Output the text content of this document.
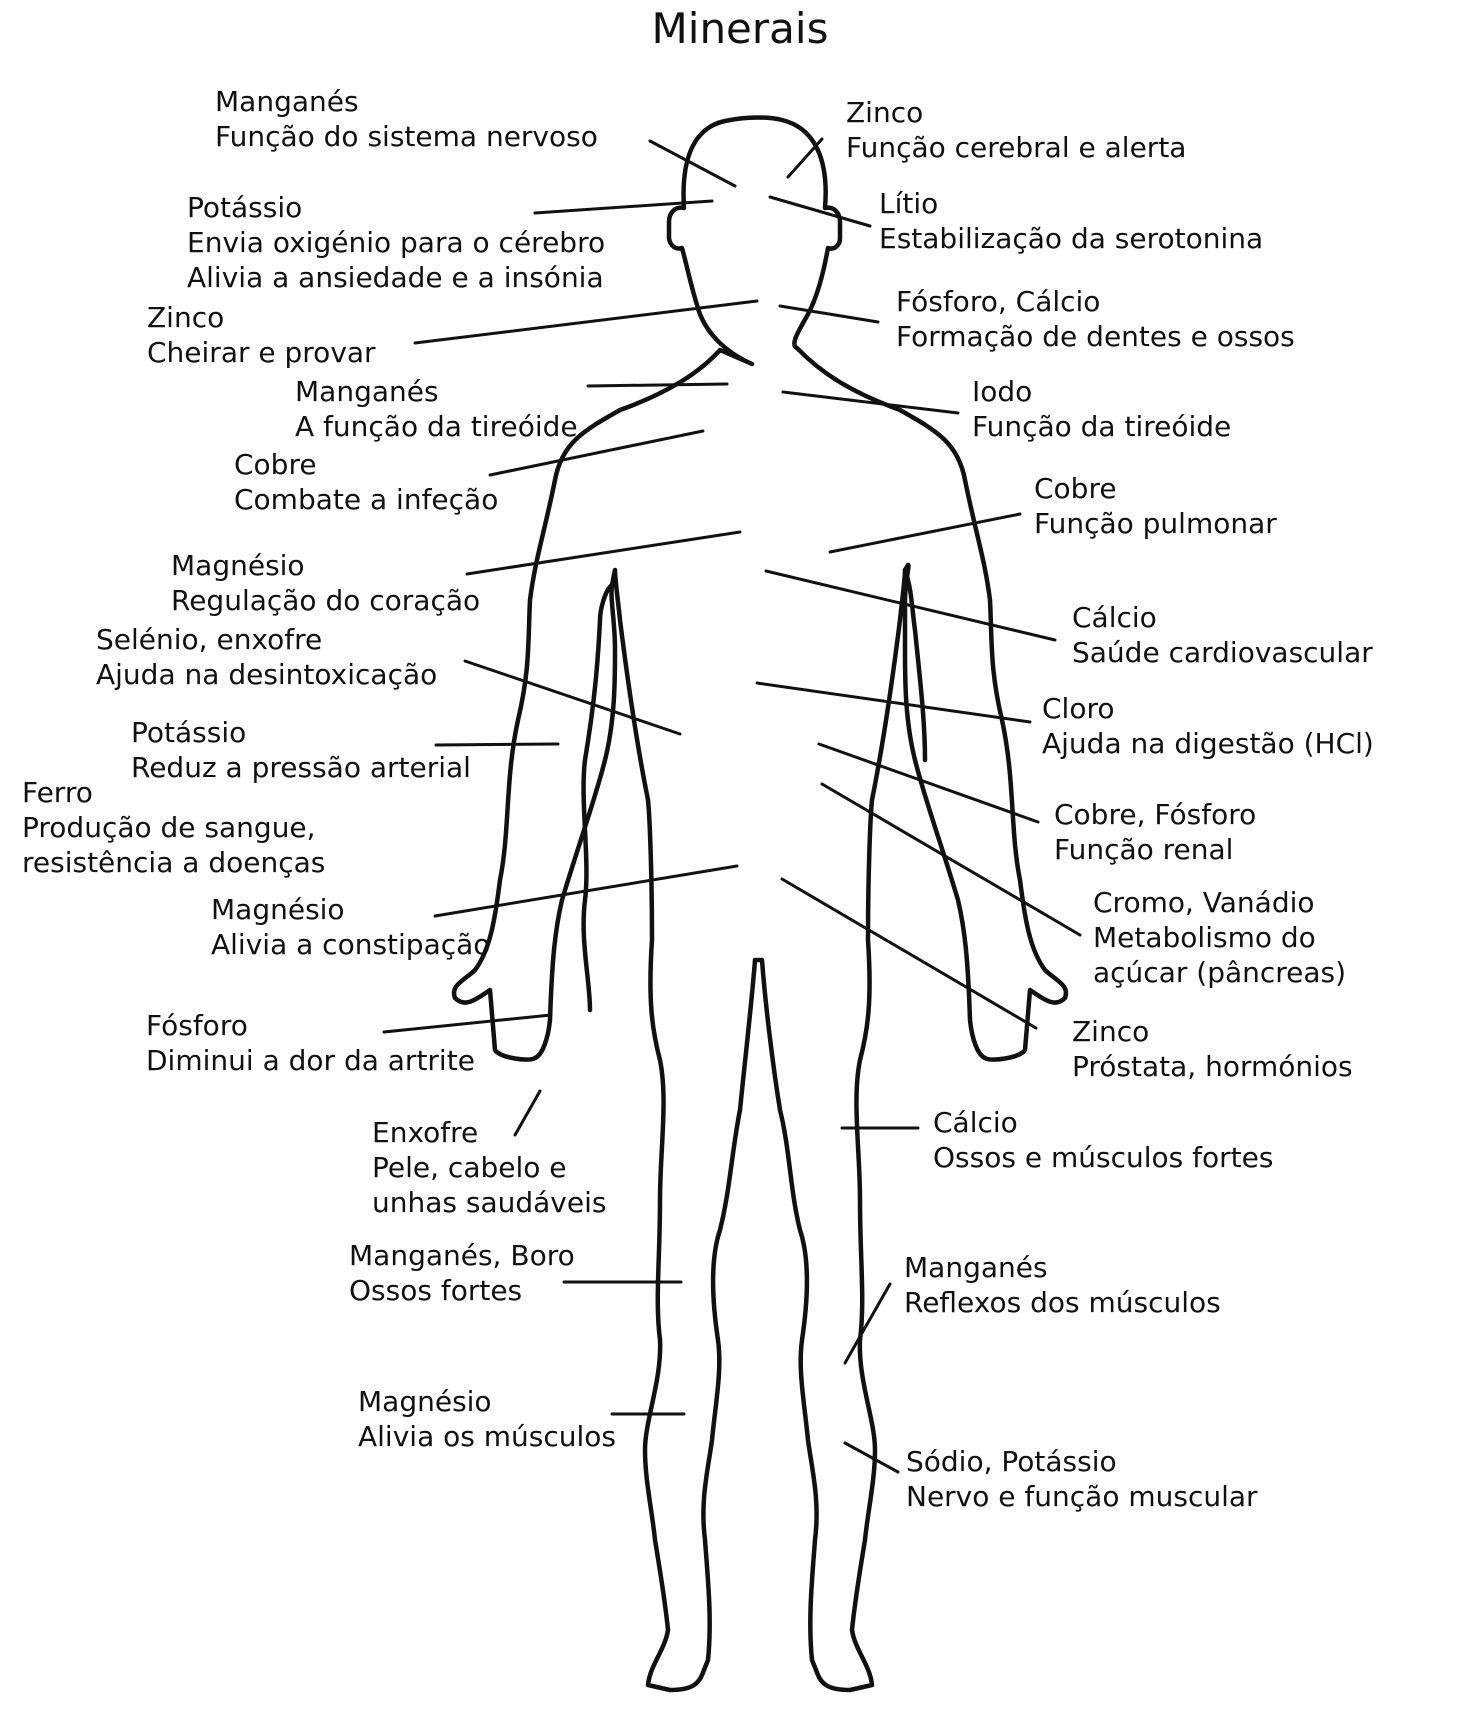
Minerais
Manganés
Função do sistema nervoso
Zinco
Função cerebral e alerta
Potássio
Envia oxigénio para o cérebro
Alivia a ansiedade e a insónia
Lítio
Estabilização da serotonina
Zinco
Cheirar e provar
Fósforo, Cálcio
Formação de dentes e ossos
Manganés
A função da tireóide
Iodo
Função da tireóide
Cobre
Combate a infeção	Cobre
Função pulmonar
Magnésio
Regulação do coração
Cálcio
Saúde cardiovascular
Selénio, enxofre
Ajuda na desintoxicação
Cloro
Ajuda na digestão (HCl)
Potássio
Reduz a pressão arterial
Ferro
Produção de sangue,
resistência a doenças
Cobre, Fósforo
Função renal
Cromo, Vanádio
Metabolismo do
açúcar (pâncreas)
Magnésio
Alivia a constipação
Zinco
Próstata, hormónios
Fósforo
Diminui a dor da artrite
Cálcio
Ossos e músculos fortes
Enxofre
Pele, cabelo e
unhas saudáveis
Manganés, Boro
Ossos fortes
Manganés
Reflexos dos músculos
Magnésio
Alivia os músculos
Sódio, Potássio
Nervo e função muscular
